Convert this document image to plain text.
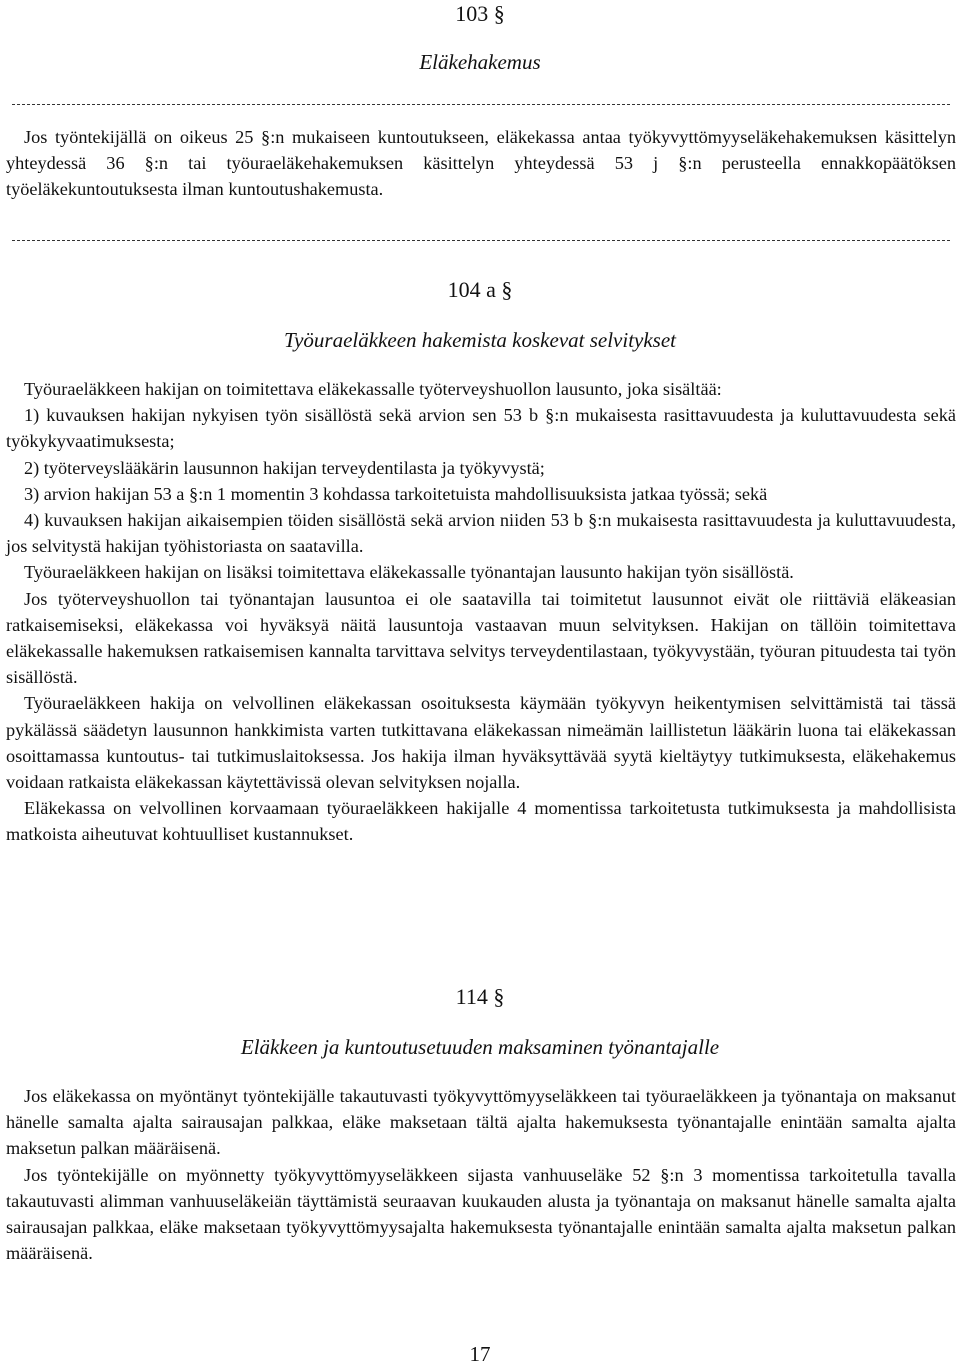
103 §
Eläkehakemus

Jos työntekijällä on oikeus 25 §:n mukaiseen kuntoutukseen, eläkekassa antaa työkyvyttömyyseläkehakemuksen käsittelyn yhteydessä 36 §:n tai työuraeläkehakemuksen käsittelyn yhteydessä 53 j §:n perusteella ennakkopäätöksen työeläkekuntoutuksesta ilman kuntoutushakemusta.

104 a §
Työuraeläkkeen hakemista koskevat selvitykset

Työuraeläkkeen hakijan on toimitettava eläkekassalle työterveyshuollon lausunto, joka sisältää:

1) kuvauksen hakijan nykyisen työn sisällöstä sekä arvion sen 53 b §:n mukaisesta rasittavuudesta ja kuluttavuudesta sekä työkykyvaatimuksesta;

2) työterveyslääkärin lausunnon hakijan terveydentilasta ja työkyvystä;

3) arvion hakijan 53 a §:n 1 momentin 3 kohdassa tarkoitetuista mahdollisuuksista jatkaa työssä; sekä

4) kuvauksen hakijan aikaisempien töiden sisällöstä sekä arvion niiden 53 b §:n mukaisesta rasittavuudesta ja kuluttavuudesta, jos selvitystä hakijan työhistoriasta on saatavilla.

Työuraeläkkeen hakijan on lisäksi toimitettava eläkekassalle työnantajan lausunto hakijan työn sisällöstä.

Jos työterveyshuollon tai työnantajan lausuntoa ei ole saatavilla tai toimitetut lausunnot eivät ole riittäviä eläkeasian ratkaisemiseksi, eläkekassa voi hyväksyä näitä lausuntoja vastaavan muun selvityksen. Hakijan on tällöin toimitettava eläkekassalle hakemuksen ratkaisemisen kannalta tarvittava selvitys terveydentilastaan, työkyvystään, työuran pituudesta tai työn sisällöstä.

Työuraeläkkeen hakija on velvollinen eläkekassan osoituksesta käymään työkyvyn heikentymisen selvittämistä tai tässä pykälässä säädetyn lausunnon hankkimista varten tutkittavana eläkekassan nimeämän laillistetun lääkärin luona tai eläkekassan osoittamassa kuntoutus- tai tutkimuslaitoksessa. Jos hakija ilman hyväksyttävää syytä kieltäytyy tutkimuksesta, eläkehakemus voidaan ratkaista eläkekassan käytettävissä olevan selvityksen nojalla.

Eläkekassa on velvollinen korvaamaan työuraeläkkeen hakijalle 4 momentissa tarkoitetusta tutkimuksesta ja mahdollisista matkoista aiheutuvat kohtuulliset kustannukset.

114 §
Eläkkeen ja kuntoutusetuuden maksaminen työnantajalle

Jos eläkekassa on myöntänyt työntekijälle takautuvasti työkyvyttömyyseläkkeen tai työuraeläkkeen ja työnantaja on maksanut hänelle samalta ajalta sairausajan palkkaa, eläke maksetaan tältä ajalta hakemuksesta työnantajalle enintään samalta ajalta maksetun palkan määräisenä.

Jos työntekijälle on myönnetty työkyvyttömyyseläkkeen sijasta vanhuuseläke 52 §:n 3 momentissa tarkoitetulla tavalla takautuvasti alimman vanhuuseläkeiän täyttämistä seuraavan kuukauden alusta ja työnantaja on maksanut hänelle samalta ajalta sairausajan palkkaa, eläke maksetaan työkyvyttömyysajalta hakemuksesta työnantajalle enintään samalta ajalta maksetun palkan määräisenä.

17
